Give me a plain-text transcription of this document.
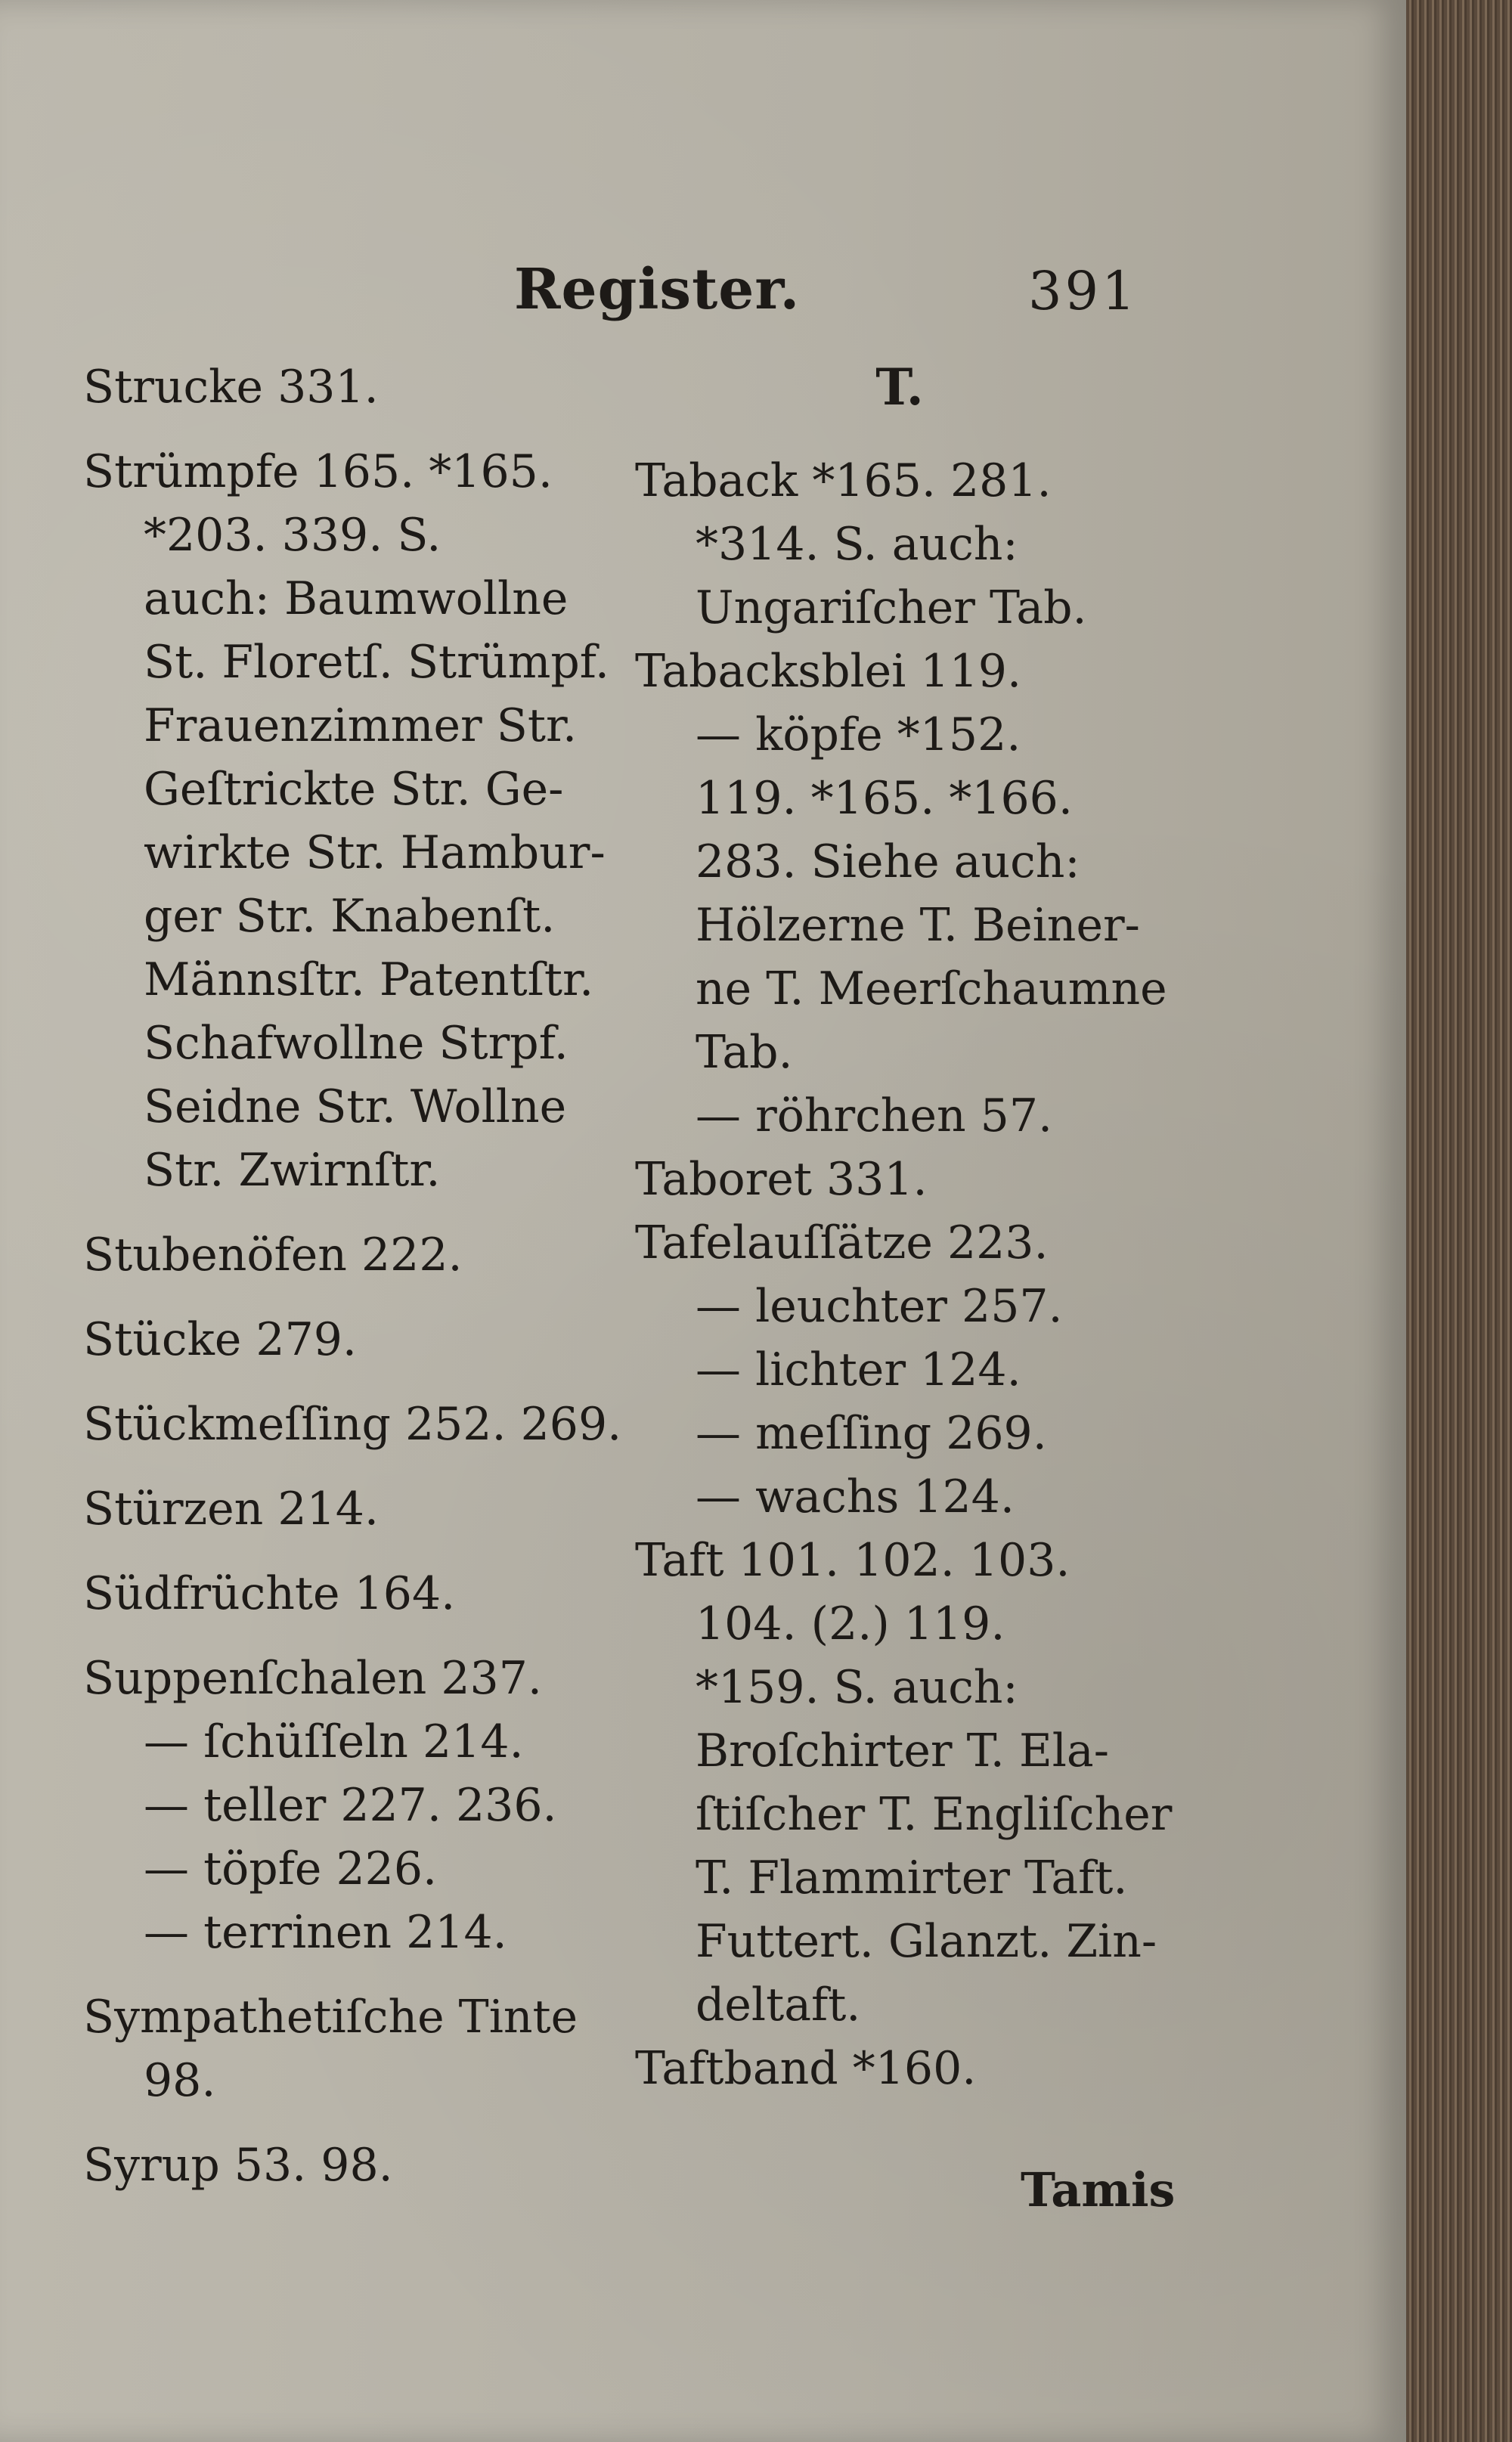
Register.	391
Strucke 331.
Strümpfe 165. *165.
*203. 339. S.
auch: Baumwollne
St. Floretſ. Strümpf.
Frauenzimmer Str.
Geſtrickte Str. Ge-
wirkte Str. Hambur-
ger Str. Knabenſt.
Männsſtr. Patentſtr.
Schafwollne Strpf.
Seidne Str. Wollne
Str. Zwirnſtr.
Stubenöfen 222.
Stücke 279.
Stückmeſſing 252. 269.
Stürzen 214.
Südfrüchte 164.
Suppenſchalen 237.
— ſchüſſeln 214.
— teller 227. 236.
— töpfe 226.
— terrinen 214.
Sympathetiſche Tinte
98.
Syrup 53. 98.
T.
Taback *165. 281.
*314. S. auch:
Ungariſcher Tab.
Tabacksblei 119.
— köpfe *152.
119. *165. *166.
283. Siehe auch:
Hölzerne T. Beiner-
ne T. Meerſchaumne
Tab.
— röhrchen 57.
Taboret 331.
Tafelauſſätze 223.
— leuchter 257.
— lichter 124.
— meſſing 269.
— wachs 124.
Taft 101. 102. 103.
104. (2.) 119.
*159. S. auch:
Broſchirter T. Ela-
ſtiſcher T. Engliſcher
T. Flammirter Taft.
Futtert. Glanzt. Zin-
deltaft.
Taftband *160.
Tamis
